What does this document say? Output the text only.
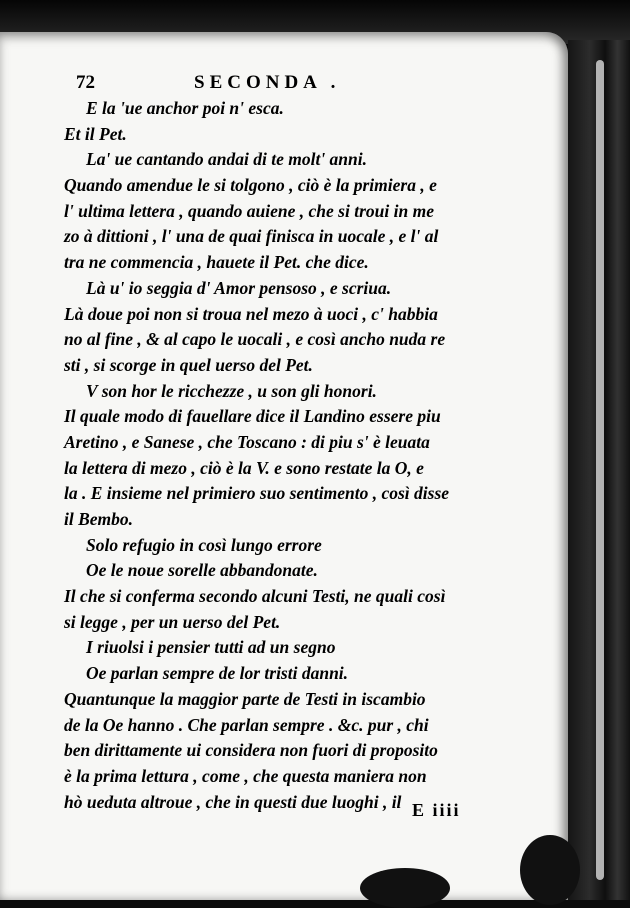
72	SECONDA .
E la 'ue anchor poi n' esca.
Et il Pet.
La' ue cantando andai di te molt' anni.
Quando amendue le si tolgono , ciò è la primiera , e
l' ultima lettera , quando auiene , che si troui in me
zo à dittioni , l' una de quai finisca in uocale , e l' al
tra ne commencia , hauete il Pet. che dice.
Là u' io seggia d' Amor pensoso , e scriua.
Là doue poi non si troua nel mezo à uoci , c' habbia
no al fine , & al capo le uocali , e così ancho nuda re
sti , si scorge in quel uerso del Pet.
V son hor le ricchezze , u son gli honori.
Il quale modo di fauellare dice il Landino essere piu
Aretino , e Sanese , che Toscano : di piu s' è leuata
la lettera di mezo , ciò è la V. e sono restate la O, e
la . E insieme nel primiero suo sentimento , così disse
il Bembo.
Solo refugio in così lungo errore
Oe le noue sorelle abbandonate.
Il che si conferma secondo alcuni Testi, ne quali così
si legge , per un uerso del Pet.
I riuolsi i pensier tutti ad un segno
Oe parlan sempre de lor tristi danni.
Quantunque la maggior parte de Testi in iscambio
de la Oe hanno . Che parlan sempre . &c. pur , chi
ben dirittamente ui considera non fuori di proposito
è la prima lettura , come , che questa maniera non
hò ueduta altroue , che in questi due luoghi , il E iiii
